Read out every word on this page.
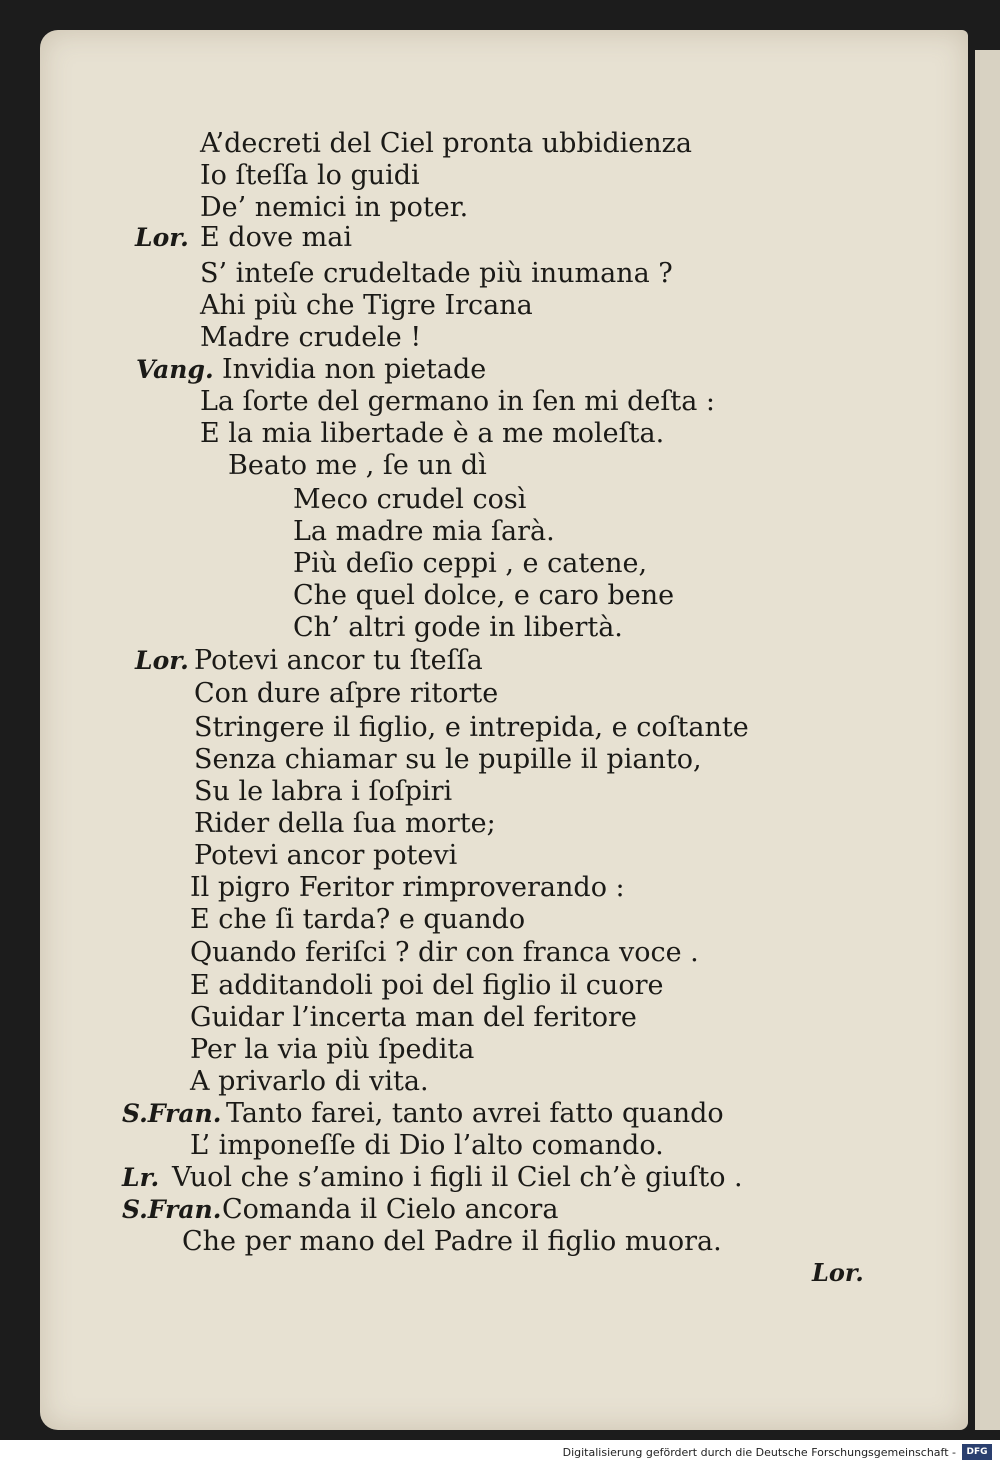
A’decreti del Ciel pronta ubbidienza
Io ſteſſa lo guidi
De’ nemici in poter.
Lor. E dove mai
S’ inteſe crudeltade più inumana ?
Ahi più che Tigre Ircana
Madre crudele !
Vang. Invidia non pietade
La ſorte del germano in ſen mi deſta :
E la mia libertade è a me moleſta.
Beato me , ſe un dì
Meco crudel così
La madre mia ſarà.
Più deſio ceppi , e catene,
Che quel dolce, e caro bene
Ch’ altri gode in libertà.
Lor. Potevi ancor tu ſteſſa
Con dure aſpre ritorte
Stringere il figlio, e intrepida, e coſtante
Senza chiamar su le pupille il pianto,
Su le labra i ſoſpiri
Rider della ſua morte;
Potevi ancor potevi
Il pigro Feritor rimproverando :
E che ſi tarda? e quando
Quando feriſci ? dir con franca voce .
E additandoli poi del figlio il cuore
Guidar l’incerta man del feritore
Per la via più ſpedita
A privarlo di vita.
S.Fran. Tanto farei, tanto avrei fatto quando
L’ imponeſſe di Dio l’alto comando.
Lr. Vuol che s’amino i figli il Ciel ch’è giuſto .
S.Fran. Comanda il Cielo ancora
Che per mano del Padre il figlio muora.
Lor.
Digitalisierung gefördert durch die Deutsche Forschungsgemeinschaft -	DFG
